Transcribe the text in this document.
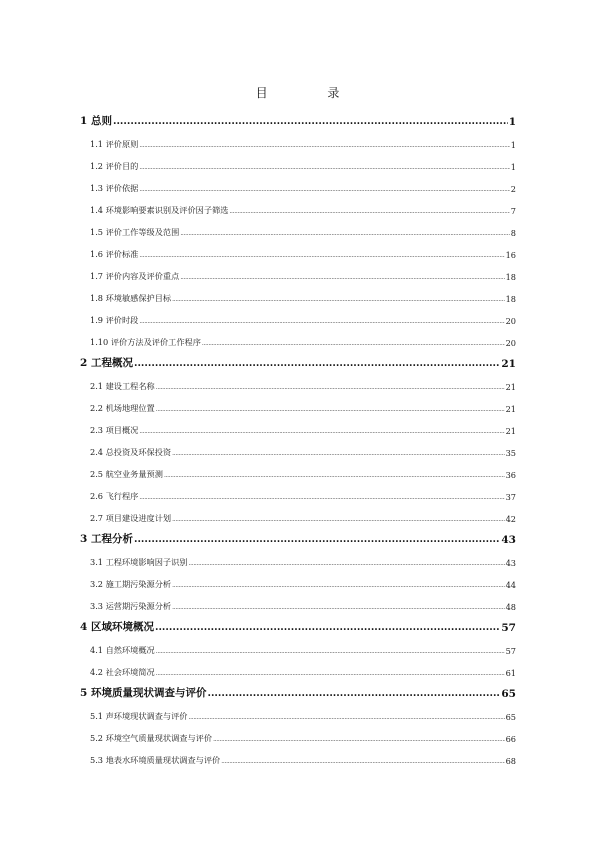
目 录
1 总则 .....	1
1.1 评价原则 .....	1
1.2 评价目的 .....	1
1.3 评价依据 .....	2
1.4 环境影响要素识别及评价因子筛选 .....	7
1.5 评价工作等级及范围 .....	8
1.6 评价标准 .....	16
1.7 评价内容及评价重点 .....	18
1.8 环境敏感保护目标 .....	18
1.9 评价时段 .....	20
1.10 评价方法及评价工作程序 .....	20
2 工程概况 .....	21
2.1 建设工程名称 .....	21
2.2 机场地理位置 .....	21
2.3 项目概况 .....	21
2.4 总投资及环保投资 .....	35
2.5 航空业务量预测 .....	36
2.6 飞行程序 .....	37
2.7 项目建设进度计划 .....	42
3 工程分析 .....	43
3.1 工程环境影响因子识别 .....	43
3.2 施工期污染源分析 .....	44
3.3 运营期污染源分析 .....	48
4 区域环境概况 .....	57
4.1 自然环境概况 .....	57
4.2 社会环境简况 .....	61
5 环境质量现状调查与评价 .....	65
5.1 声环境现状调查与评价 .....	65
5.2 环境空气质量现状调查与评价 .....	66
5.3 地表水环境质量现状调查与评价 .....	68
